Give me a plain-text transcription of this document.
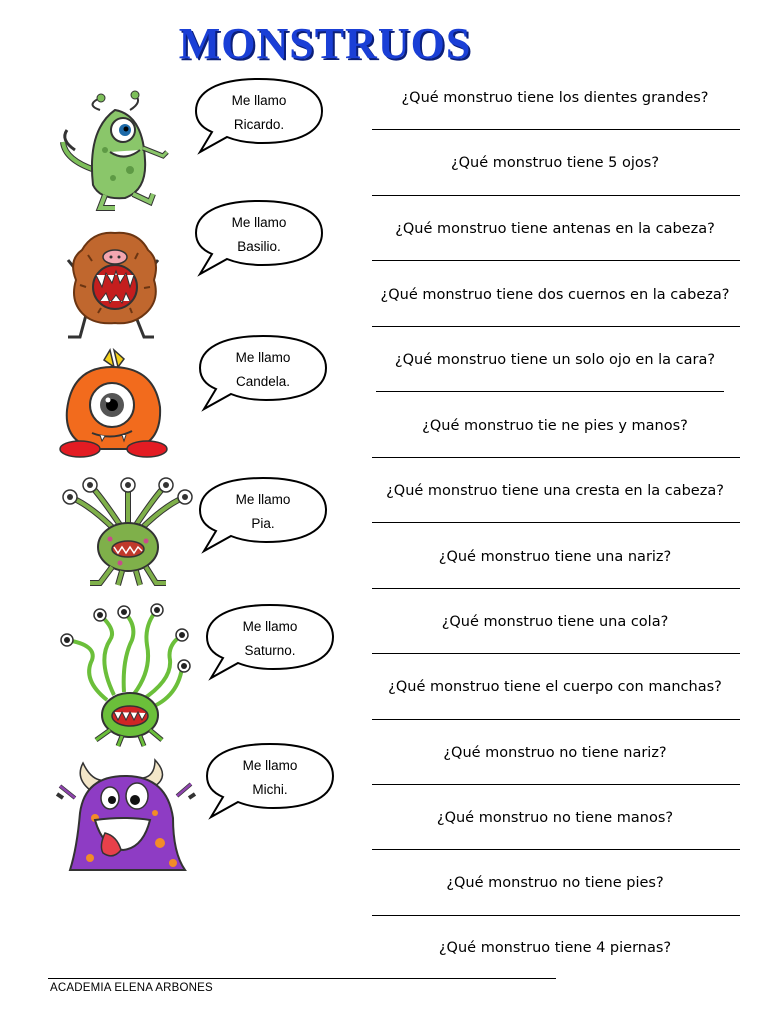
MONSTRUOS
Me llamo
Ricardo.
Me llamo
Basilio.
Me llamo
Candela.
Me llamo
Pia.
Me llamo
Saturno.
Me llamo
Michi.
¿Qué monstruo tiene los dientes grandes?
¿Qué monstruo tiene 5 ojos?
¿Qué monstruo tiene antenas en la cabeza?
¿Qué monstruo tiene dos cuernos en la cabeza?
¿Qué monstruo tiene un solo ojo en la cara?
¿Qué monstruo tie ne pies y manos?
¿Qué monstruo tiene una cresta en la cabeza?
¿Qué monstruo tiene una nariz?
¿Qué monstruo tiene una cola?
¿Qué monstruo tiene el cuerpo con manchas?
¿Qué monstruo no tiene nariz?
¿Qué monstruo no tiene manos?
¿Qué monstruo no tiene pies?
¿Qué monstruo tiene 4 piernas?
ACADEMIA ELENA ARBONES
